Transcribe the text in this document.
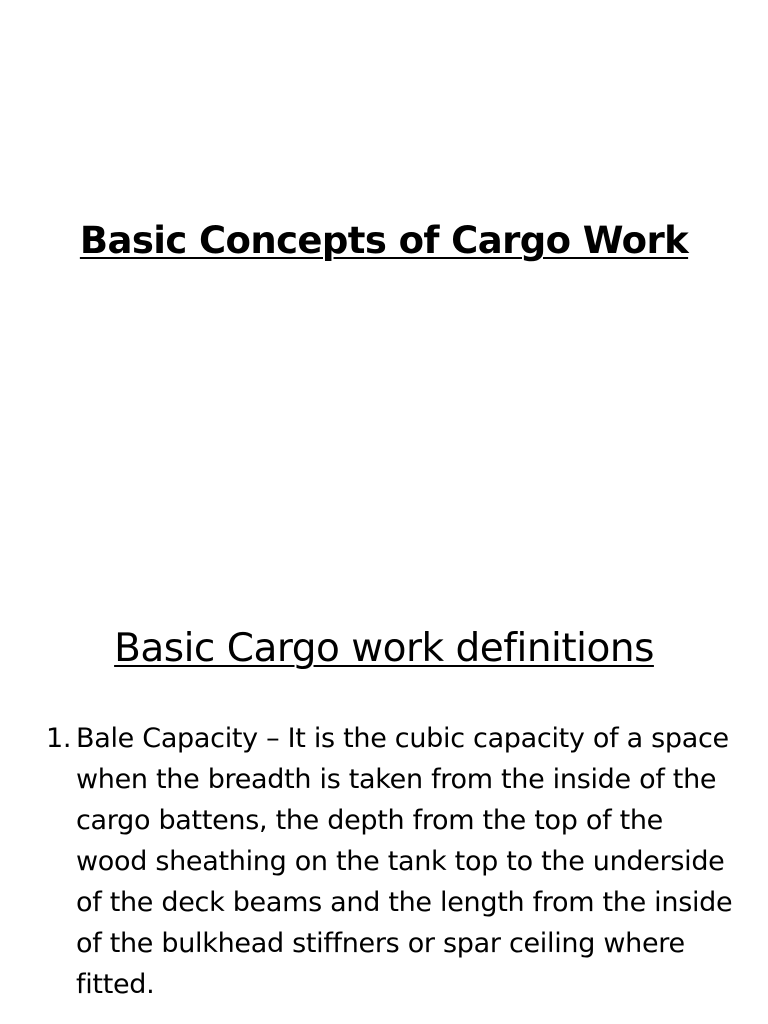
Basic Concepts of Cargo Work
Basic Cargo work definitions
1. Bale Capacity – It is the cubic capacity of a space when the breadth is taken from the inside of the cargo battens, the depth from the top of the wood sheathing on the tank top to the underside of the deck beams and the length from the inside of the bulkhead stiffners or spar ceiling where fitted.
